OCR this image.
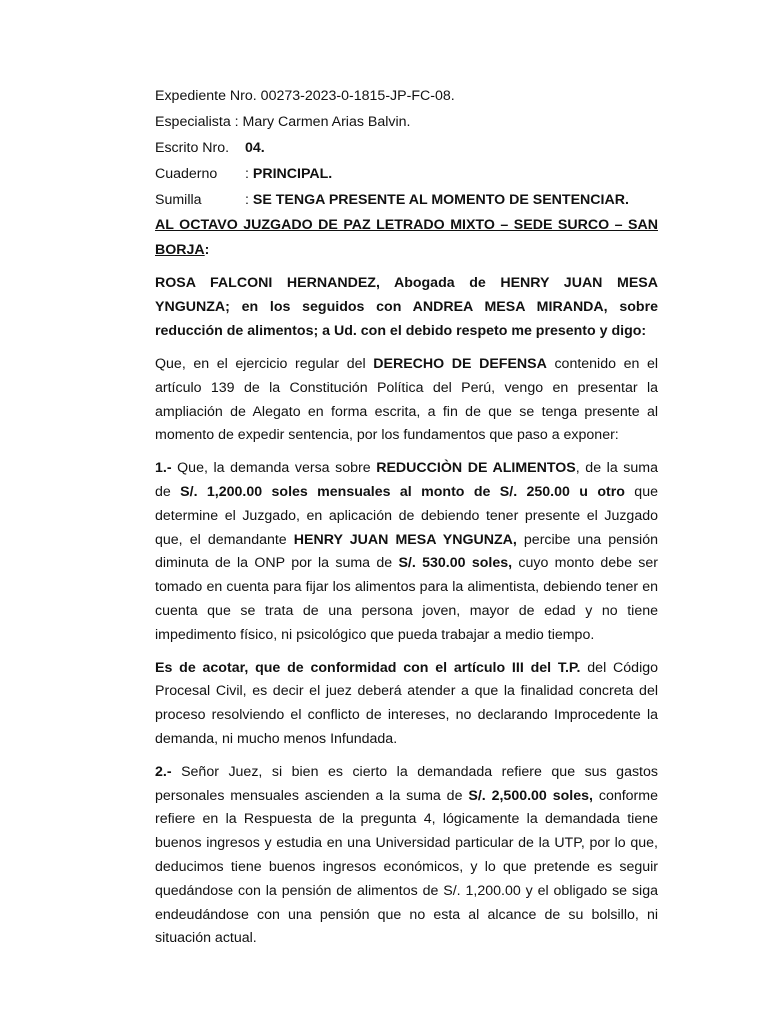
Expediente Nro. 00273-2023-0-1815-JP-FC-08.

Especialista : Mary Carmen Arias Balvin.

Escrito Nro. 04.

Cuaderno : PRINCIPAL.

Sumilla	: SE TENGA PRESENTE AL MOMENTO DE SENTENCIAR.

AL OCTAVO JUZGADO DE PAZ LETRADO MIXTO – SEDE SURCO – SAN BORJA:

ROSA FALCONI HERNANDEZ, Abogada de HENRY JUAN MESA YNGUNZA; en los seguidos con ANDREA MESA MIRANDA, sobre reducción de alimentos; a Ud. con el debido respeto me presento y digo:

Que, en el ejercicio regular del DERECHO DE DEFENSA contenido en el artículo 139 de la Constitución Política del Perú, vengo en presentar la ampliación de Alegato en forma escrita, a fin de que se tenga presente al momento de expedir sentencia, por los fundamentos que paso a exponer:

1.- Que, la demanda versa sobre REDUCCIÒN DE ALIMENTOS, de la suma de S/. 1,200.00 soles mensuales al monto de S/. 250.00 u otro que determine el Juzgado, en aplicación de debiendo tener presente el Juzgado que, el demandante HENRY JUAN MESA YNGUNZA, percibe una pensión diminuta de la ONP por la suma de S/. 530.00 soles, cuyo monto debe ser tomado en cuenta para fijar los alimentos para la alimentista, debiendo tener en cuenta que se trata de una persona joven, mayor de edad y no tiene impedimento físico, ni psicológico que pueda trabajar a medio tiempo.

Es de acotar, que de conformidad con el artículo III del T.P. del Código Procesal Civil, es decir el juez deberá atender a que la finalidad concreta del proceso resolviendo el conflicto de intereses, no declarando Improcedente la demanda, ni mucho menos Infundada.

2.- Señor Juez, si bien es cierto la demandada refiere que sus gastos personales mensuales ascienden a la suma de S/. 2,500.00 soles, conforme refiere en la Respuesta de la pregunta 4, lógicamente la demandada tiene buenos ingresos y estudia en una Universidad particular de la UTP, por lo que, deducimos tiene buenos ingresos económicos, y lo que pretende es seguir quedándose con la pensión de alimentos de S/. 1,200.00 y el obligado se siga endeudándose con una pensión que no esta al alcance de su bolsillo, ni situación actual.
